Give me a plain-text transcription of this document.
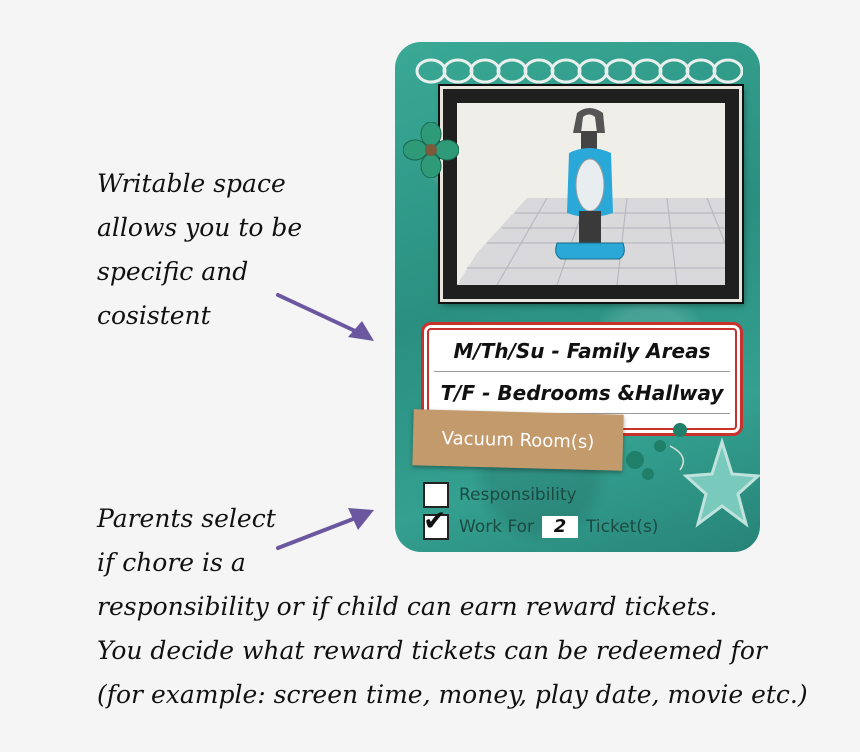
Writable space
allows you to be
specific and
cosistent
Parents select
if chore is a
responsibility or if child can earn reward tickets.
You decide what reward tickets can be redeemed for
(for example: screen time, money, play date, movie etc.)
M/Th/Su - Family Areas
T/F - Bedrooms &Hallway
Vacuum Room(s)
Responsibility
✔ Work For	2	Ticket(s)
